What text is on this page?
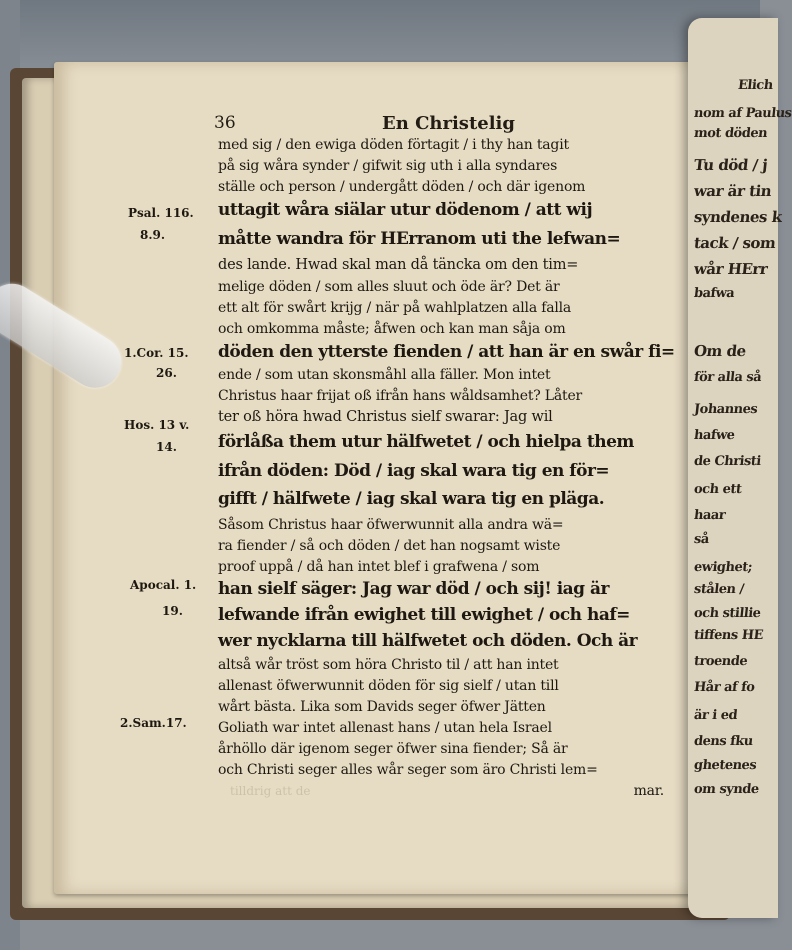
Elich
nom af Paulus
mot döden
Tu död / j
war är tin
syndenes k
tack / som
wår HErr
bafwa
Om de
för alla så
Johannes
hafwe
de Christi
och ett
haar
så
ewighet;
stålen /
och stillie
tiffens HE
troende
Hår af fo
är i ed
dens fku
ghetenes
om synde
36	En Christelig
med sig / den ewiga döden förtagit / i thy han tagit
på sig wåra synder / gifwit sig uth i alla syndares
ställe och person / undergått döden / och där igenom
uttagit wåra siälar utur dödenom / att wij
måtte wandra för HErranom uti the lefwan=
des lande. Hwad skal man då täncka om den tim=
melige döden / som alles sluut och öde är? Det är
ett alt för swårt krijg / när på wahlplatzen alla falla
och omkomma måste; åfwen och kan man såja om
döden den ytterste fienden / att han är en swår fi=
ende / som utan skonsmåhl alla fäller. Mon intet
Christus haar frijat oß ifrån hans wåldsamhet? Låter
ter oß höra hwad Christus sielf swarar: Jag wil
förlåßa them utur hälfwetet / och hielpa them
ifrån döden: Död / iag skal wara tig en för=
gifft / hälfwete / iag skal wara tig en pläga.
Såsom Christus haar öfwerwunnit alla andra wä=
ra fiender / så och döden / det han nogsamt wiste
proof uppå / då han intet blef i grafwena / som
han sielf säger: Jag war död / och sij! iag är
lefwande ifrån ewighet till ewighet / och haf=
wer nycklarna till hälfwetet och döden. Och är
altså wår tröst som höra Christo til / att han intet
allenast öfwerwunnit döden för sig sielf / utan till
wårt bästa. Lika som Davids seger öfwer Jätten
Goliath war intet allenast hans / utan hela Israel
århöllo där igenom seger öfwer sina fiender; Så är
och Christi seger alles wår seger som äro Christi lem=
mar.
Psal. 116.
8.9.
1.Cor. 15.
26.
Hos. 13 v.
14.
Apocal. 1.
19.
2.Sam.17.
tilldrig att de
